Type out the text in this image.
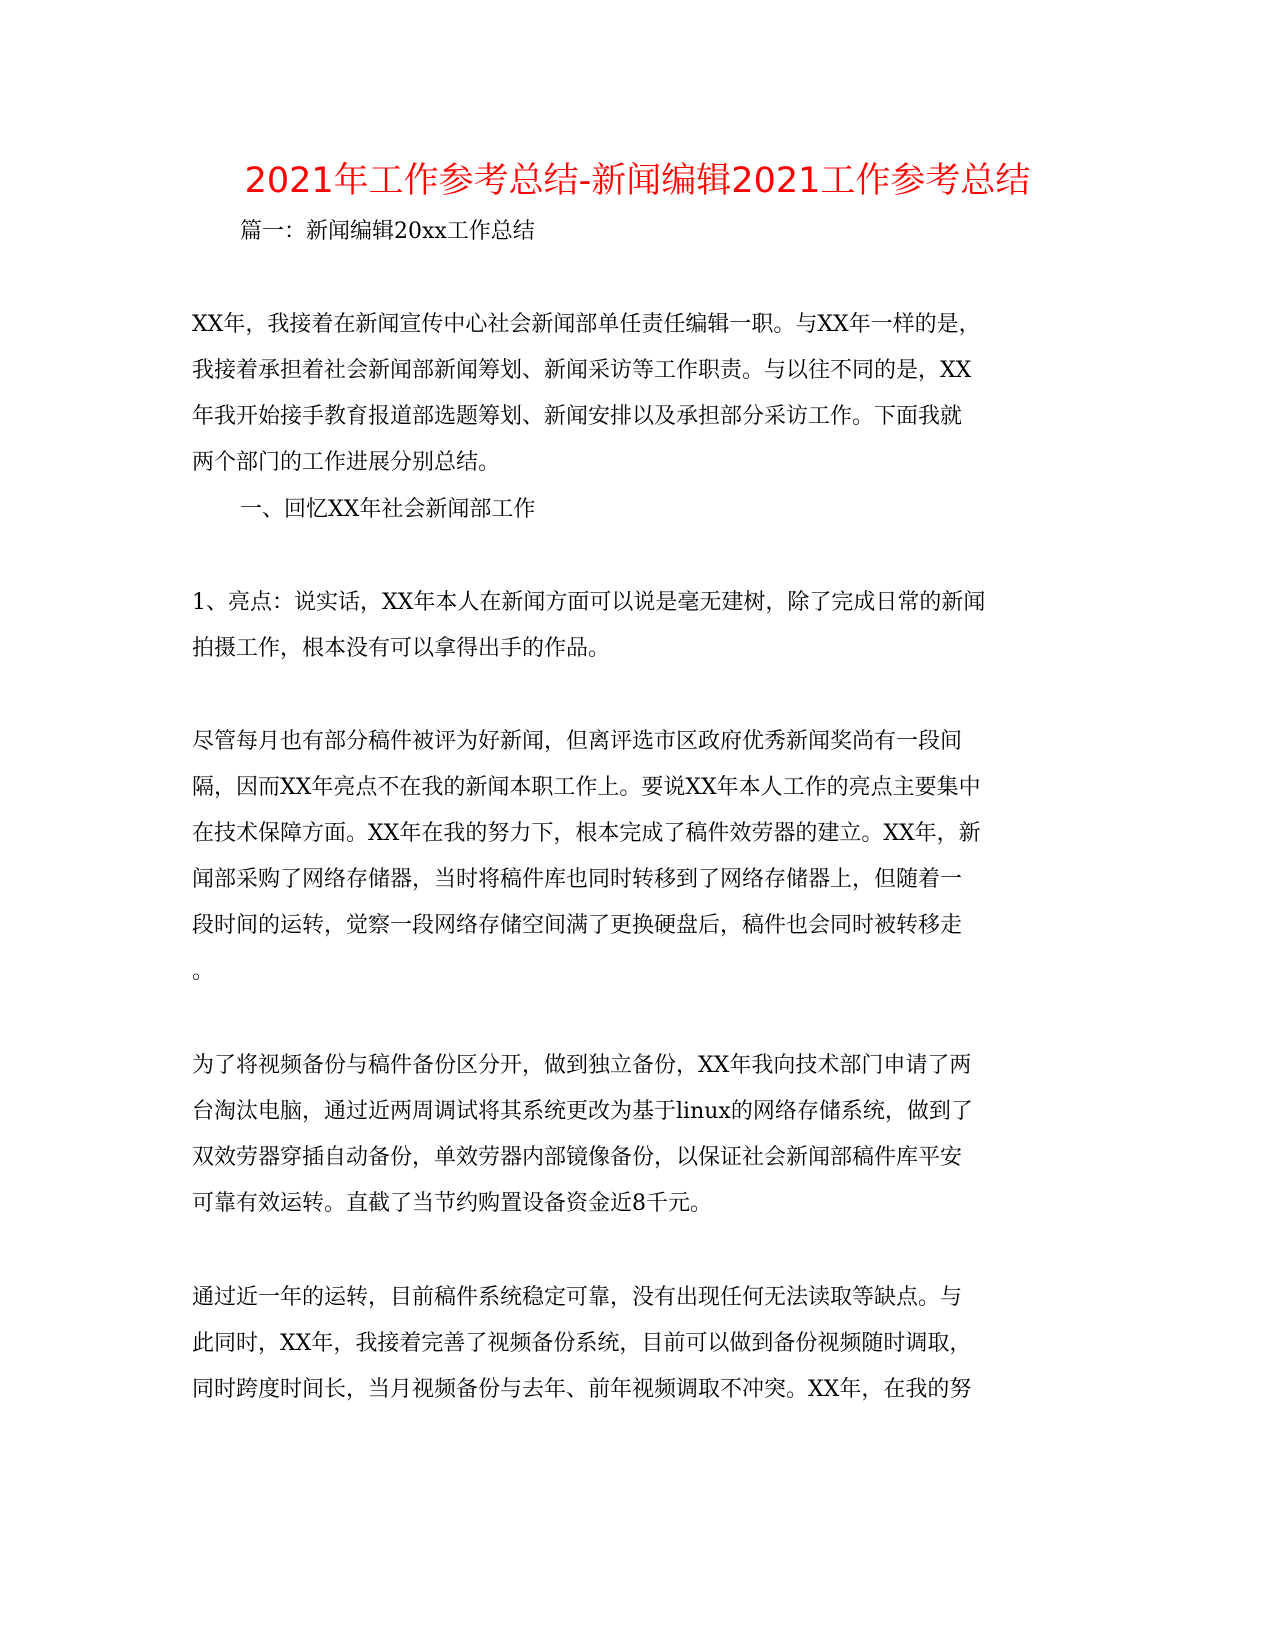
2021年工作参考总结-新闻编辑2021工作参考总结
篇一：新闻编辑20xx工作总结
XX年，我接着在新闻宣传中心社会新闻部单任责任编辑一职。与XX年一样的是，
我接着承担着社会新闻部新闻筹划、新闻采访等工作职责。与以往不同的是，XX
年我开始接手教育报道部选题筹划、新闻安排以及承担部分采访工作。下面我就
两个部门的工作进展分别总结。
一、回忆XX年社会新闻部工作
1、亮点：说实话，XX年本人在新闻方面可以说是毫无建树，除了完成日常的新闻
拍摄工作，根本没有可以拿得出手的作品。
尽管每月也有部分稿件被评为好新闻，但离评选市区政府优秀新闻奖尚有一段间
隔，因而XX年亮点不在我的新闻本职工作上。要说XX年本人工作的亮点主要集中
在技术保障方面。XX年在我的努力下，根本完成了稿件效劳器的建立。XX年，新
闻部采购了网络存储器，当时将稿件库也同时转移到了网络存储器上，但随着一
段时间的运转，觉察一段网络存储空间满了更换硬盘后，稿件也会同时被转移走
。
为了将视频备份与稿件备份区分开，做到独立备份，XX年我向技术部门申请了两
台淘汰电脑，通过近两周调试将其系统更改为基于linux的网络存储系统，做到了
双效劳器穿插自动备份，单效劳器内部镜像备份，以保证社会新闻部稿件库平安
可靠有效运转。直截了当节约购置设备资金近8千元。
通过近一年的运转，目前稿件系统稳定可靠，没有出现任何无法读取等缺点。与
此同时，XX年，我接着完善了视频备份系统，目前可以做到备份视频随时调取，
同时跨度时间长，当月视频备份与去年、前年视频调取不冲突。XX年，在我的努
